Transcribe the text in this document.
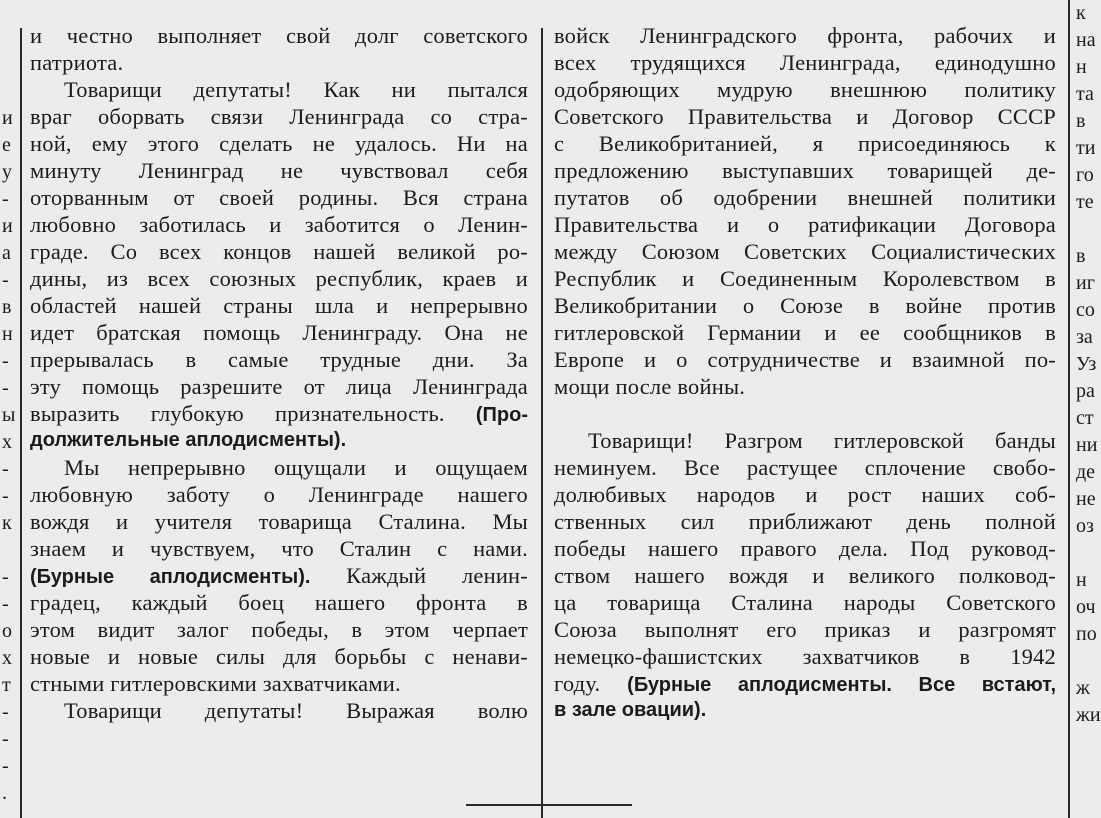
и
е
у
-
и
а
-
в
н
-
-
ы
х
-
-
к

-
-
о
х
т
-
-
-
.
к
на
н
та
в
ти
го
те

в
иг
со
за
Уз
ра
ст
ни
де
не
оз

н
оч
по

ж
жи
и честно выполняет свой долг советского
патриота.
Товарищи депутаты! Как ни пытался
враг оборвать связи Ленинграда со стра-
ной, ему этого сделать не удалось. Ни на
минуту Ленинград не чувствовал себя
оторванным от своей родины. Вся страна
любовно заботилась и заботится о Ленин-
граде. Со всех концов нашей великой ро-
дины, из всех союзных республик, краев и
областей нашей страны шла и непрерывно
идет братская помощь Ленинграду. Она не
прерывалась в самые трудные дни. За
эту помощь разрешите от лица Ленинграда
выразить глубокую признательность. (Про-
должительные аплодисменты).
Мы непрерывно ощущали и ощущаем
любовную заботу о Ленинграде нашего
вождя и учителя товарища Сталина. Мы
знаем и чувствуем, что Сталин с нами.
(Бурные аплодисменты). Каждый ленин-
градец, каждый боец нашего фронта в
этом видит залог победы, в этом черпает
новые и новые силы для борьбы с ненави-
стными гитлеровскими захватчиками.
Товарищи депутаты! Выражая волю
войск Ленинградского фронта, рабочих и
всех трудящихся Ленинграда, единодушно
одобряющих мудрую внешнюю политику
Советского Правительства и Договор СССР
с Великобританией, я присоединяюсь к
предложению выступавших товарищей де-
путатов об одобрении внешней политики
Правительства и о ратификации Договора
между Союзом Советских Социалистических
Республик и Соединенным Королевством в
Великобритании о Союзе в войне против
гитлеровской Германии и ее сообщников в
Европе и о сотрудничестве и взаимной по-
мощи после войны.

Товарищи! Разгром гитлеровской банды
неминуем. Все растущее сплочение свобо-
долюбивых народов и рост наших соб-
ственных сил приближают день полной
победы нашего правого дела. Под руковод-
ством нашего вождя и великого полковод-
ца товарища Сталина народы Советского
Союза выполнят его приказ и разгромят
немецко-фашистских захватчиков в 1942
году. (Бурные аплодисменты. Все встают,
в зале овации).
